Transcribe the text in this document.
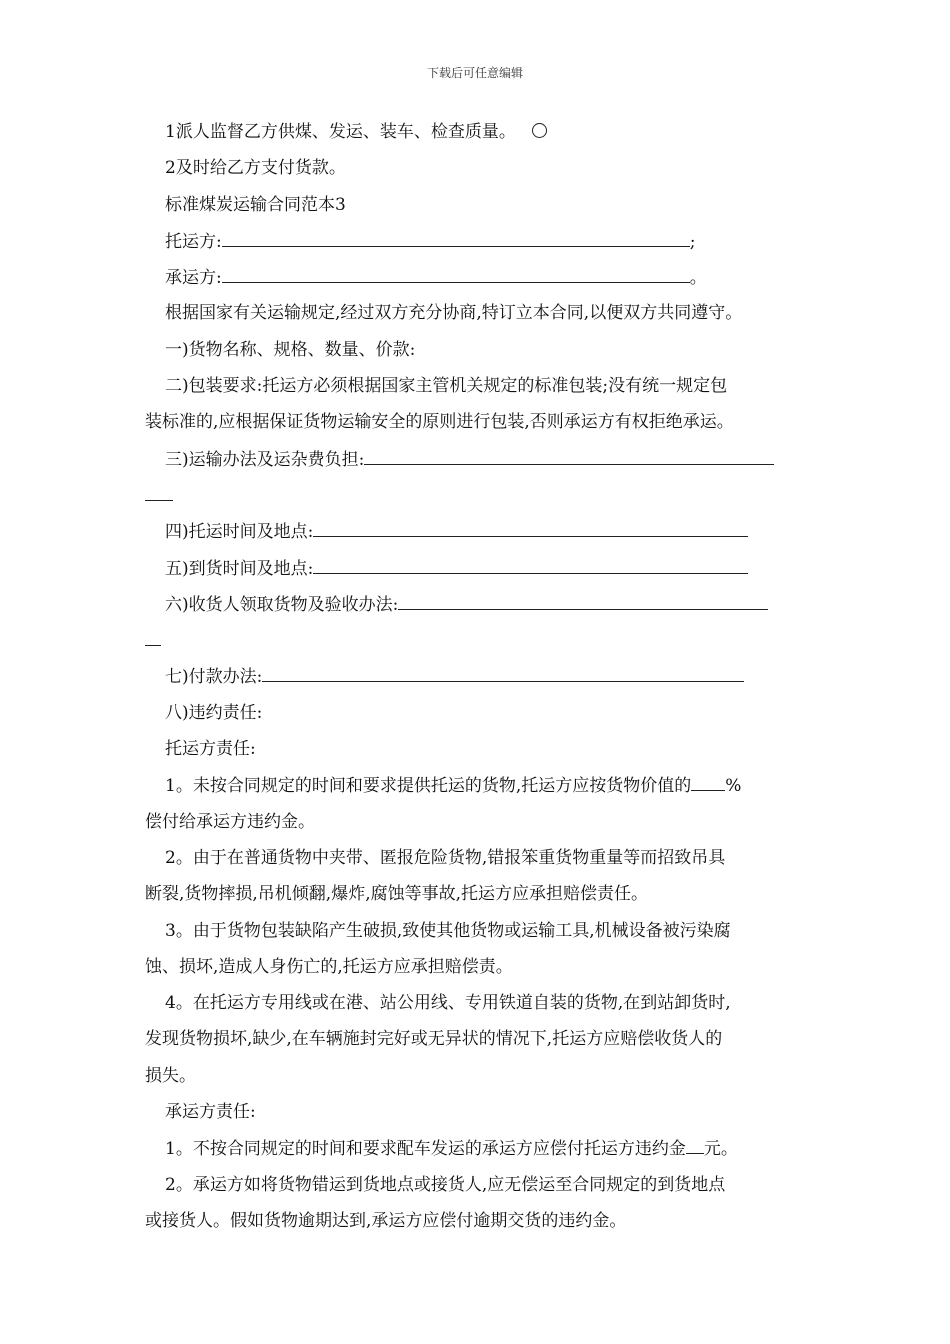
下载后可任意编辑
1派人监督乙方供煤、发运、装车、检查质量。
2及时给乙方支付货款。
标准煤炭运输合同范本3
托运方:	;
承运方:	。
根据国家有关运输规定,经过双方充分协商,特订立本合同,以便双方共同遵守。
一)货物名称、规格、数量、价款:
二)包装要求:托运方必须根据国家主管机关规定的标准包装;没有统一规定包
装标准的,应根据保证货物运输安全的原则进行包装,否则承运方有权拒绝承运。
三)运输办法及运杂费负担:
四)托运时间及地点:
五)到货时间及地点:
六)收货人领取货物及验收办法:
七)付款办法:
八)违约责任:
托运方责任:
1。未按合同规定的时间和要求提供托运的货物,托运方应按货物价值的 %
偿付给承运方违约金。
2。由于在普通货物中夹带、匿报危险货物,错报笨重货物重量等而招致吊具
断裂,货物摔损,吊机倾翻,爆炸,腐蚀等事故,托运方应承担赔偿责任。
3。由于货物包装缺陷产生破损,致使其他货物或运输工具,机械设备被污染腐
蚀、损坏,造成人身伤亡的,托运方应承担赔偿责。
4。在托运方专用线或在港、站公用线、专用铁道自装的货物,在到站卸货时,
发现货物损坏,缺少,在车辆施封完好或无异状的情况下,托运方应赔偿收货人的
损失。
承运方责任:
1。不按合同规定的时间和要求配车发运的承运方应偿付托运方违约金 元。
2。承运方如将货物错运到货地点或接货人,应无偿运至合同规定的到货地点
或接货人。假如货物逾期达到,承运方应偿付逾期交货的违约金。
